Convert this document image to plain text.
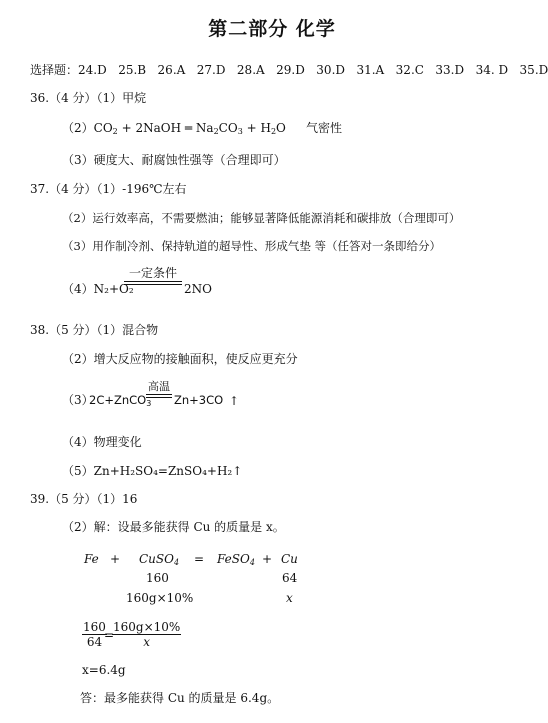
第二部分 化学
选择题：24.D 25.B 26.A 27.D 28.A 29.D 30.D 31.A 32.C 33.D 34. D 35.D
36.（4 分）（1）甲烷
$(2)CO_2$ + 2NaOH ═ $Na_2CO_3 + H_2O$ 气密性
（3）硬度大、耐腐蚀性强等（合理即可）
37.（4 分）（1）-196℃左右
（2）运行效率高，不需要燃油；能够显著降低能源消耗和碳排放（合理即可）
（3）用作制冷剂、保持轨道的超导性、形成气垫 等（任答对一条即给分）
（4）N₂+O₂
一定条件
2NO
38.（5 分）（1）混合物
（2）增大反应物的接触面积，使反应更充分
（3）
2C+ZnCO$_3$
高温
Zn+3CO ↑
（4）物理变化
（5）Zn+H₂SO₄=ZnSO₄+H₂↑
39.（5 分）（1）16
（2）解：设最多能获得 Cu 的质量是 x。
Fe + CuSO$_4$ = FeSO$_4$ + Cu
160	64
160g×10%	x
$\frac{160}{64}$
=
$\frac{160g\times 10\%}{x}$
x=6.4g
答：最多能获得 Cu 的质量是 6.4g。
